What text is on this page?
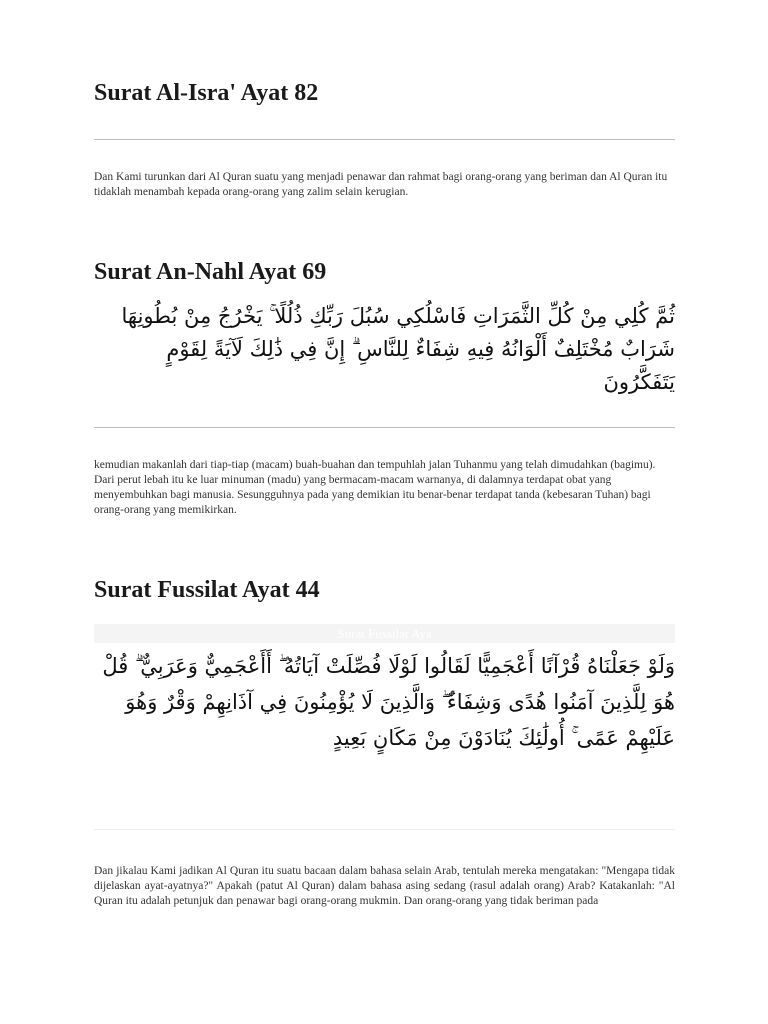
Surat Al-Isra' Ayat 82
Dan Kami turunkan dari Al Quran suatu yang menjadi penawar dan rahmat bagi orang-orang yang beriman dan Al Quran itu tidaklah menambah kepada orang-orang yang zalim selain kerugian.
Surat An-Nahl Ayat 69
ثُمَّ كُلِي مِنْ كُلِّ الثَّمَرَاتِ فَاسْلُكِي سُبُلَ رَبِّكِ ذُلُلًا ۚ يَخْرُجُ مِنْ بُطُونِهَا شَرَابٌ مُخْتَلِفٌ أَلْوَانُهُ فِيهِ شِفَاءٌ لِلنَّاسِ ۗ إِنَّ فِي ذَٰلِكَ لَآيَةً لِقَوْمٍ يَتَفَكَّرُونَ
kemudian makanlah dari tiap-tiap (macam) buah-buahan dan tempuhlah jalan Tuhanmu yang telah dimudahkan (bagimu). Dari perut lebah itu ke luar minuman (madu) yang bermacam-macam warnanya, di dalamnya terdapat obat yang menyembuhkan bagi manusia. Sesungguhnya pada yang demikian itu benar-benar terdapat tanda (kebesaran Tuhan) bagi orang-orang yang memikirkan.
Surat Fussilat Ayat 44
Surat Fussilat Aya
وَلَوْ جَعَلْنَاهُ قُرْآنًا أَعْجَمِيًّا لَقَالُوا لَوْلَا فُصِّلَتْ آيَاتُهُ ۖ أَأَعْجَمِيٌّ وَعَرَبِيٌّ ۗ قُلْ هُوَ لِلَّذِينَ آمَنُوا هُدًى وَشِفَاءٌ ۖ وَالَّذِينَ لَا يُؤْمِنُونَ فِي آذَانِهِمْ وَقْرٌ وَهُوَ عَلَيْهِمْ عَمًى ۚ أُولَٰئِكَ يُنَادَوْنَ مِنْ مَكَانٍ بَعِيدٍ
Dan jikalau Kami jadikan Al Quran itu suatu bacaan dalam bahasa selain Arab, tentulah mereka mengatakan: "Mengapa tidak dijelaskan ayat-ayatnya?" Apakah (patut Al Quran) dalam bahasa asing sedang (rasul adalah orang) Arab? Katakanlah: "Al Quran itu adalah petunjuk dan penawar bagi orang-orang mukmin. Dan orang-orang yang tidak beriman pada
